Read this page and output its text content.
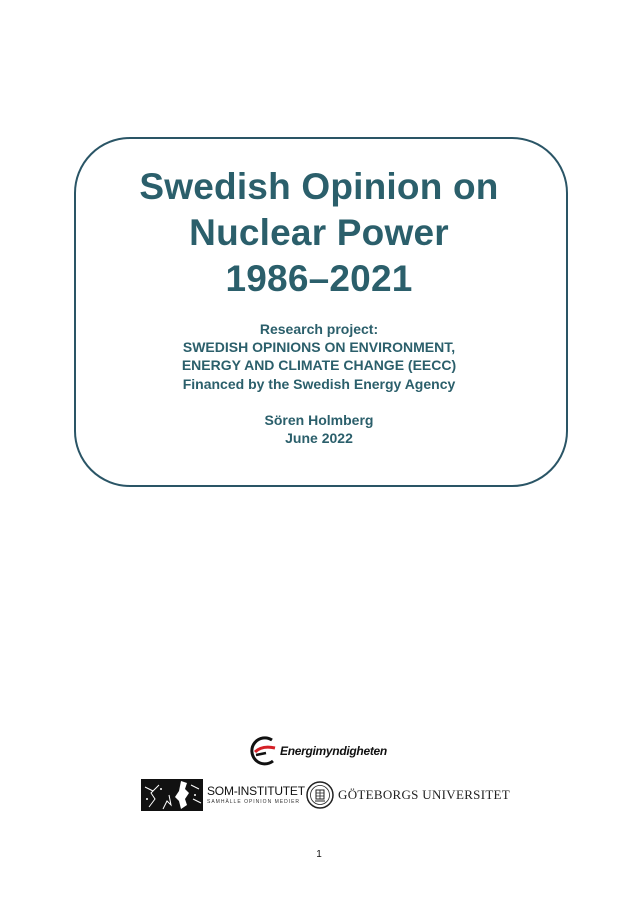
Swedish Opinion on
Nuclear Power
1986–2021
Research project:
SWEDISH OPINIONS ON ENVIRONMENT,
ENERGY AND CLIMATE CHANGE (EECC)
Financed by the Swedish Energy Agency
Sören Holmberg
June 2022
Energimyndigheten
SOM-INSTITUTET
SAMHÄLLE OPINION MEDIER	GÖTEBORGS UNIVERSITET
1
